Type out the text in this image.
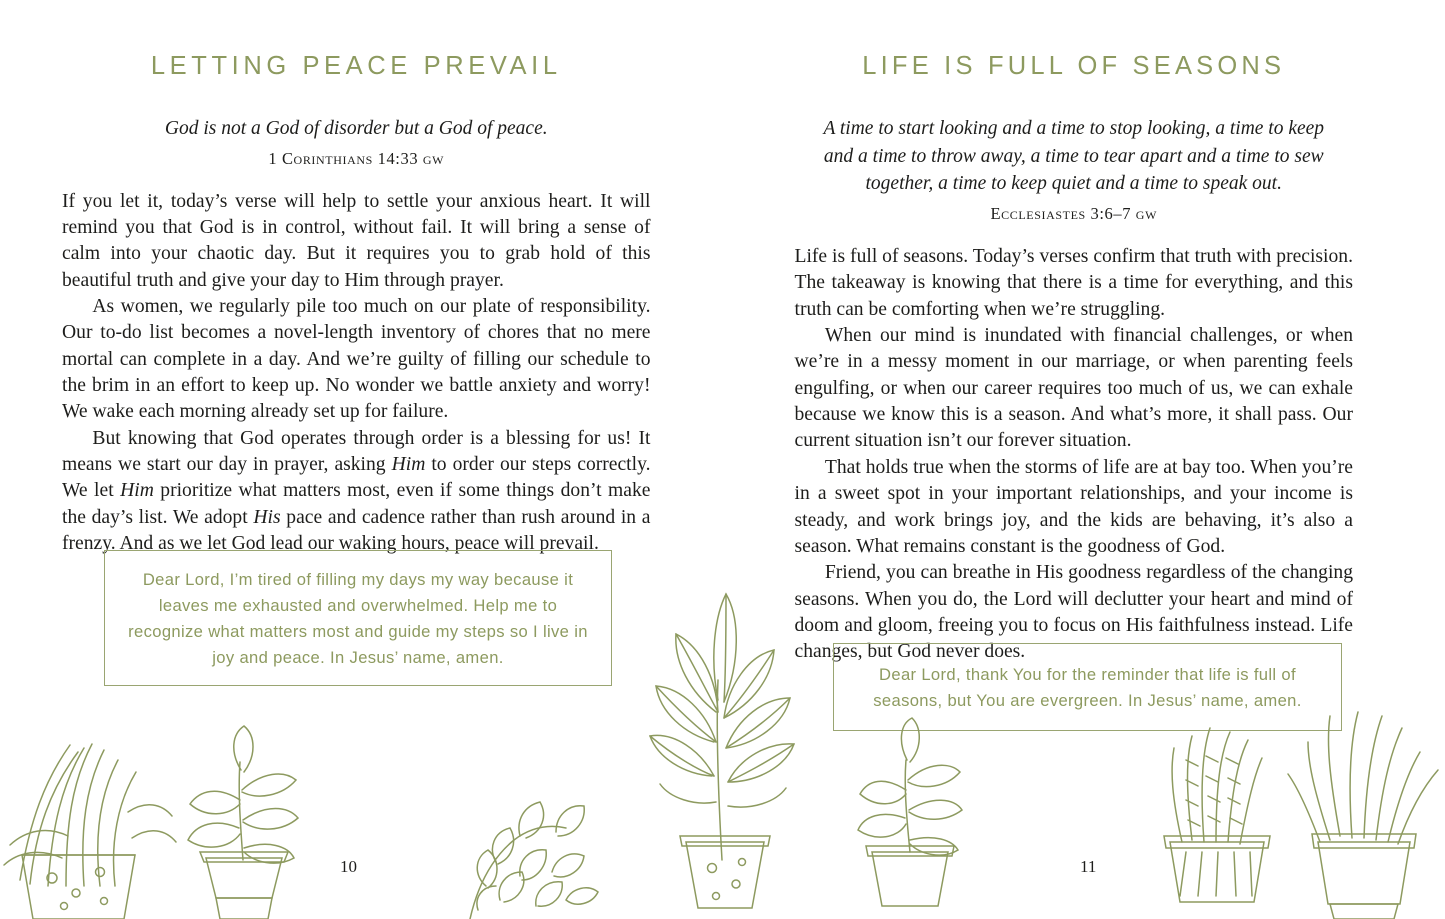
LETTING PEACE PREVAIL
God is not a God of disorder but a God of peace.
1 Corinthians 14:33 gw

If you let it, today’s verse will help to settle your anxious heart. It will remind you that God is in control, without fail. It will bring a sense of calm into your chaotic day. But it requires you to grab hold of this beautiful truth and give your day to Him through prayer.

As women, we regularly pile too much on our plate of responsibility. Our to-do list becomes a novel-length inventory of chores that no mere mortal can complete in a day. And we’re guilty of filling our schedule to the brim in an effort to keep up. No wonder we battle anxiety and worry! We wake each morning already set up for failure.

But knowing that God operates through order is a blessing for us! It means we start our day in prayer, asking Him to order our steps correctly. We let Him prioritize what matters most, even if some things don’t make the day’s list. We adopt His pace and cadence rather than rush around in a frenzy. And as we let God lead our waking hours, peace will prevail.

LIFE IS FULL OF SEASONS
A time to start looking and a time to stop looking, a time to keep and a time to throw away, a time to tear apart and a time to sew together, a time to keep quiet and a time to speak out.
Ecclesiastes 3:6–7 gw

Life is full of seasons. Today’s verses confirm that truth with precision. The takeaway is knowing that there is a time for everything, and this truth can be comforting when we’re struggling.

When our mind is inundated with financial challenges, or when we’re in a messy moment in our marriage, or when parenting feels engulfing, or when our career requires too much of us, we can exhale because we know this is a season. And what’s more, it shall pass. Our current situation isn’t our forever situation.

That holds true when the storms of life are at bay too. When you’re in a sweet spot in your important relationships, and your income is steady, and work brings joy, and the kids are behaving, it’s also a season. What remains constant is the goodness of God.

Friend, you can breathe in His goodness regardless of the changing seasons. When you do, the Lord will declutter your heart and mind of doom and gloom, freeing you to focus on His faithfulness instead. Life changes, but God never does.

Dear Lord, I’m tired of filling my days my way because it leaves me exhausted and overwhelmed. Help me to recognize what matters most and guide my steps so I live in joy and peace. In Jesus’ name, amen.
Dear Lord, thank You for the reminder that life is full of seasons, but You are evergreen. In Jesus’ name, amen.
10	11
